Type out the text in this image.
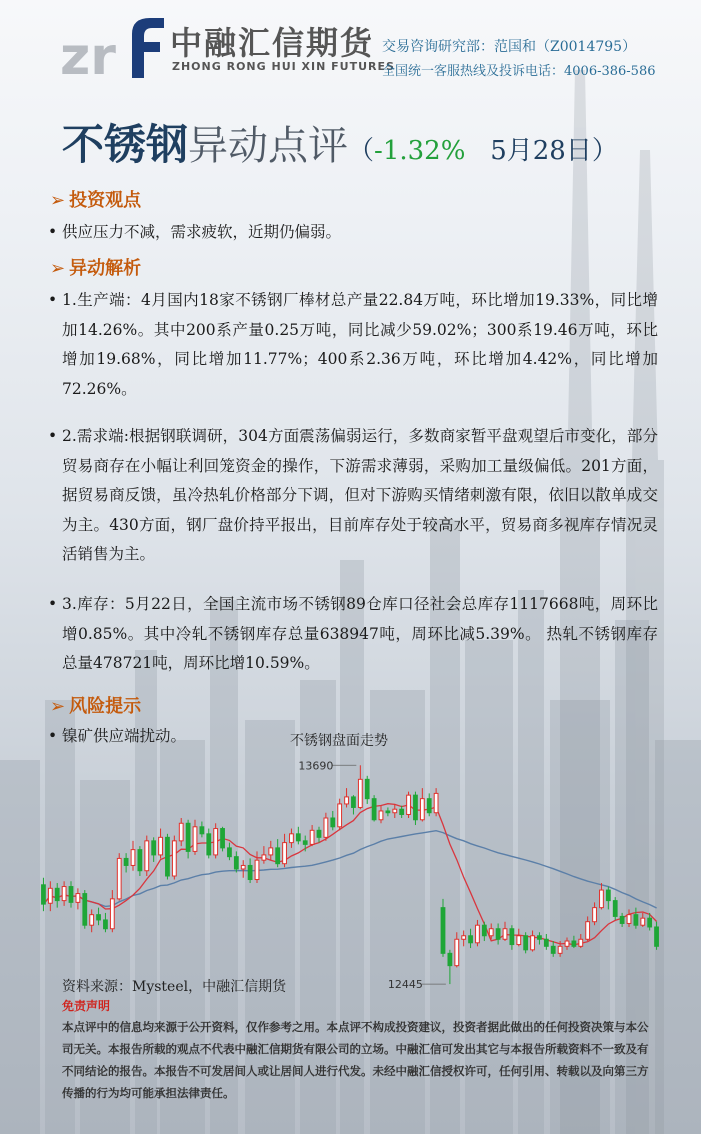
zr 中融汇信期货
ZHONG RONG HUI XIN FUTURES
交易咨询研究部：范国和（Z0014795）
全国统一客服热线及投诉电话：4006-386-586
不锈钢异动点评（-1.32% 5月28日）
➢ 投资观点
• 供应压力不减，需求疲软，近期仍偏弱。
➢ 异动解析
• 1.生产端：4月国内18家不锈钢厂棒材总产量22.84万吨，环比增加19.33%，同比增加14.26%。其中200系产量0.25万吨，同比减少59.02%；300系19.46万吨，环比增加19.68%，同比增加11.77%；400系2.36万吨，环比增加4.42%，同比增加72.26%。
• 2.需求端:根据钢联调研，304方面震荡偏弱运行，多数商家暂平盘观望后市变化，部分贸易商存在小幅让利回笼资金的操作，下游需求薄弱，采购加工量级偏低。201方面，据贸易商反馈，虽冷热轧价格部分下调，但对下游购买情绪刺激有限，依旧以散单成交为主。430方面，钢厂盘价持平报出，目前库存处于较高水平，贸易商多视库存情况灵活销售为主。
• 3.库存：5月22日，全国主流市场不锈钢89仓库口径社会总库存1117668吨，周环比增0.85%。其中冷轧不锈钢库存总量638947吨，周环比减5.39%。 热轧不锈钢库存总量478721吨，周环比增10.59%。
➢ 风险提示
• 镍矿供应端扰动。	不锈钢盘面走势
13690
12445
资料来源：Mysteel，中融汇信期货
免责声明
本点评中的信息均来源于公开资料，仅作参考之用。本点评不构成投资建议，投资者据此做出的任何投资决策与本公司无关。本报告所载的观点不代表中融汇信期货有限公司的立场。中融汇信可发出其它与本报告所载资料不一致及有不同结论的报告。本报告不可发居间人或让居间人进行代发。未经中融汇信授权许可，任何引用、转载以及向第三方传播的行为均可能承担法律责任。
